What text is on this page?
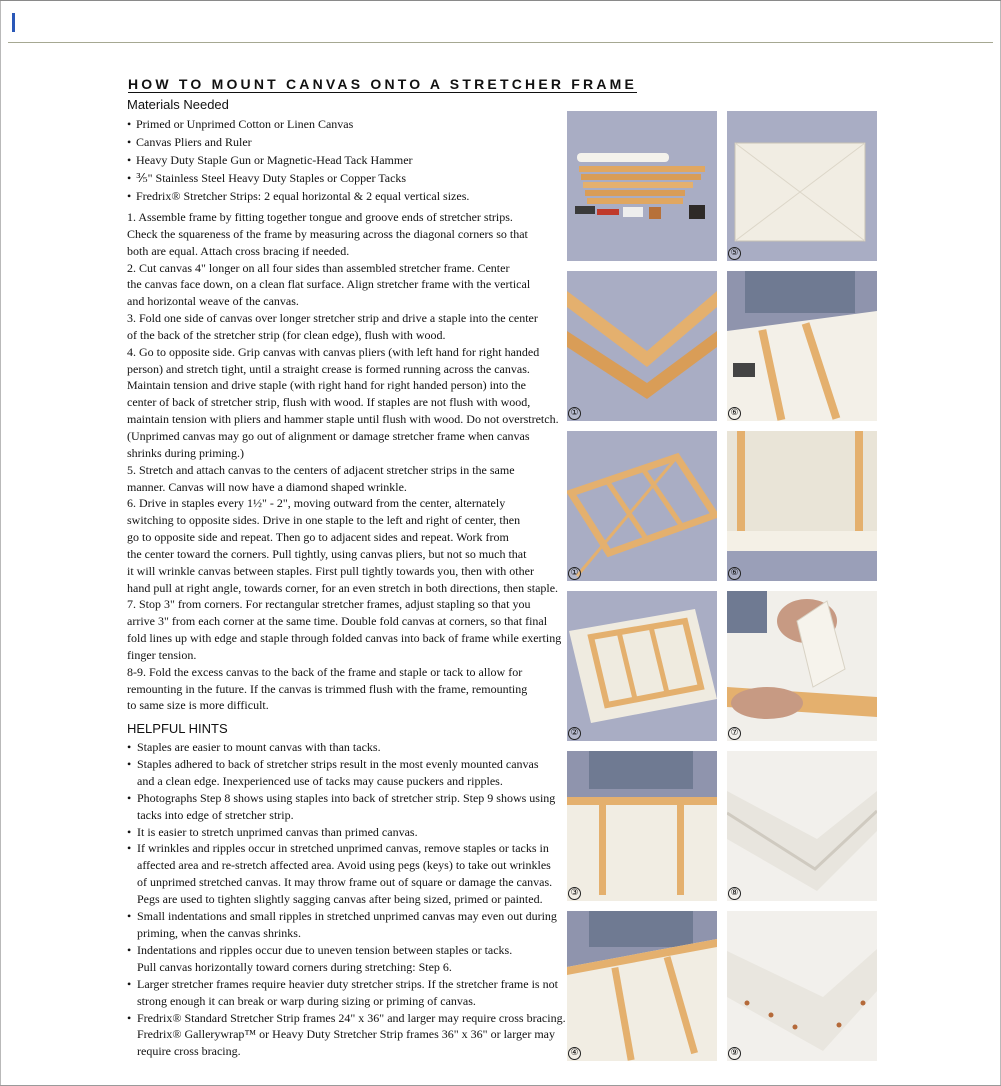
HOW TO MOUNT CANVAS ONTO A STRETCHER FRAME
Materials Needed
• Primed or Unprimed Cotton or Linen Canvas
• Canvas Pliers and Ruler
• Heavy Duty Staple Gun or Magnetic-Head Tack Hammer
• ⅗" Stainless Steel Heavy Duty Staples or Copper Tacks
• Fredrix® Stretcher Strips: 2 equal horizontal & 2 equal vertical sizes.
1. Assemble frame by fitting together tongue and groove ends of stretcher strips.
Check the squareness of the frame by measuring across the diagonal corners so that
both are equal. Attach cross bracing if needed.
2. Cut canvas 4" longer on all four sides than assembled stretcher frame. Center
the canvas face down, on a clean flat surface. Align stretcher frame with the vertical
and horizontal weave of the canvas.
3. Fold one side of canvas over longer stretcher strip and drive a staple into the center
of the back of the stretcher strip (for clean edge), flush with wood.
4. Go to opposite side. Grip canvas with canvas pliers (with left hand for right handed
person) and stretch tight, until a straight crease is formed running across the canvas.
Maintain tension and drive staple (with right hand for right handed person) into the
center of back of stretcher strip, flush with wood. If staples are not flush with wood,
maintain tension with pliers and hammer staple until flush with wood. Do not overstretch.
(Unprimed canvas may go out of alignment or damage stretcher frame when canvas
shrinks during priming.)
5. Stretch and attach canvas to the centers of adjacent stretcher strips in the same
manner. Canvas will now have a diamond shaped wrinkle.
6. Drive in staples every 1½" - 2", moving outward from the center, alternately
switching to opposite sides. Drive in one staple to the left and right of center, then
go to opposite side and repeat. Then go to adjacent sides and repeat. Work from
the center toward the corners. Pull tightly, using canvas pliers, but not so much that
it will wrinkle canvas between staples. First pull tightly towards you, then with other
hand pull at right angle, towards corner, for an even stretch in both directions, then staple.
7. Stop 3" from corners. For rectangular stretcher frames, adjust stapling so that you
arrive 3" from each corner at the same time. Double fold canvas at corners, so that final
fold lines up with edge and staple through folded canvas into back of frame while exerting
finger tension.
8-9. Fold the excess canvas to the back of the frame and staple or tack to allow for
remounting in the future. If the canvas is trimmed flush with the frame, remounting
to same size is more difficult.
HELPFUL HINTS
• Staples are easier to mount canvas with than tacks.
• Staples adhered to back of stretcher strips result in the most evenly mounted canvas
and a clean edge. Inexperienced use of tacks may cause puckers and ripples.
• Photographs Step 8 shows using staples into back of stretcher strip. Step 9 shows using
tacks into edge of stretcher strip.
• It is easier to stretch unprimed canvas than primed canvas.
• If wrinkles and ripples occur in stretched unprimed canvas, remove staples or tacks in
affected area and re-stretch affected area. Avoid using pegs (keys) to take out wrinkles
of unprimed stretched canvas. It may throw frame out of square or damage the canvas.
Pegs are used to tighten slightly sagging canvas after being sized, primed or painted.
• Small indentations and small ripples in stretched unprimed canvas may even out during
priming, when the canvas shrinks.
• Indentations and ripples occur due to uneven tension between staples or tacks.
Pull canvas horizontally toward corners during stretching: Step 6.
• Larger stretcher frames require heavier duty stretcher strips. If the stretcher frame is not
strong enough it can break or warp during sizing or priming of canvas.
• Fredrix® Standard Stretcher Strip frames 24" x 36" and larger may require cross bracing.
Fredrix® Gallerywrap™ or Heavy Duty Stretcher Strip frames 36" x 36" or larger may
require cross bracing.
⑤
①	⑥
①	⑥
②	⑦
③	⑧
④	⑨
